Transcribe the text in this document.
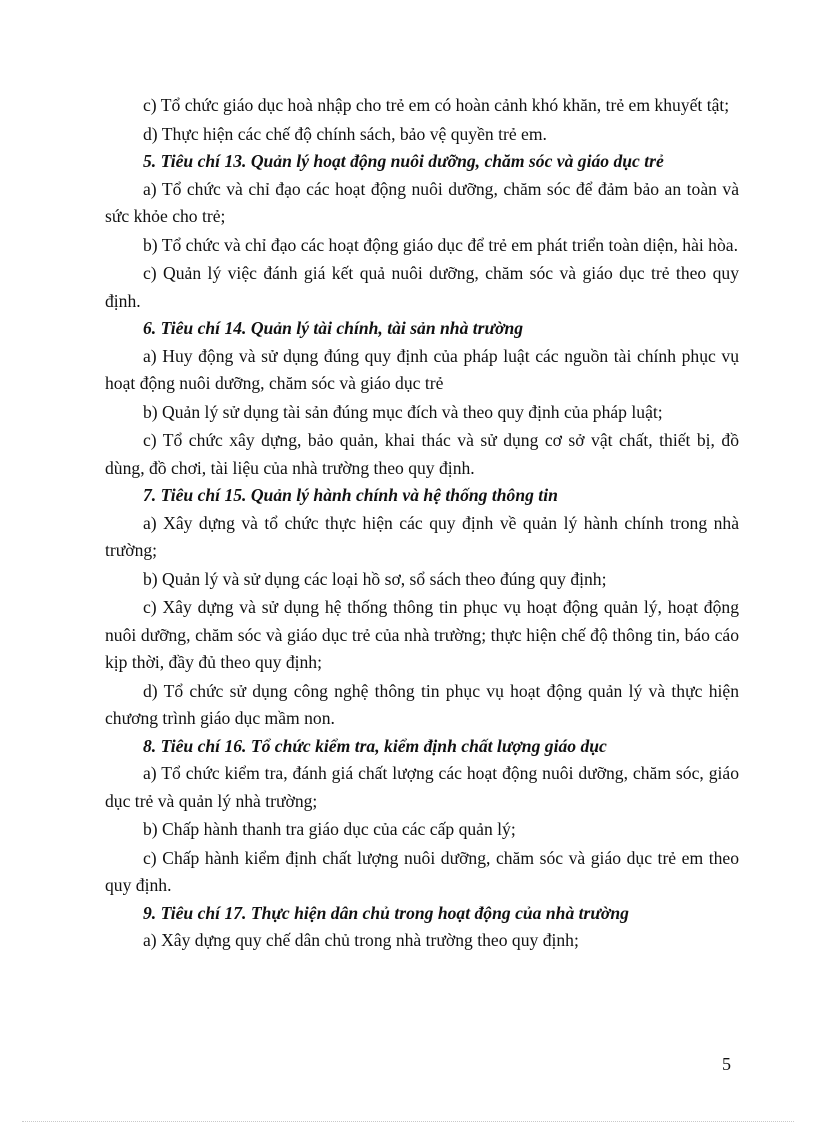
c) Tổ chức giáo dục hoà nhập cho trẻ em có hoàn cảnh khó khăn, trẻ em khuyết tật;

d) Thực hiện các chế độ chính sách, bảo vệ quyền trẻ em.

5. Tiêu chí 13. Quản lý hoạt động nuôi dưỡng, chăm sóc và giáo dục trẻ

a) Tổ chức và chỉ đạo các hoạt động nuôi dưỡng, chăm sóc để đảm bảo an toàn và sức khỏe cho trẻ;

b) Tổ chức và chỉ đạo các hoạt động giáo dục để trẻ em phát triển toàn diện, hài hòa.

c) Quản lý việc đánh giá kết quả nuôi dưỡng, chăm sóc và giáo dục trẻ theo quy định.

6. Tiêu chí 14. Quản lý tài chính, tài sản nhà trường

a) Huy động và sử dụng đúng quy định của pháp luật các nguồn tài chính phục vụ hoạt động nuôi dưỡng, chăm sóc và giáo dục trẻ

b) Quản lý sử dụng tài sản đúng mục đích và theo quy định của pháp luật;

c) Tổ chức xây dựng, bảo quản, khai thác và sử dụng cơ sở vật chất, thiết bị, đồ dùng, đồ chơi, tài liệu của nhà trường theo quy định.

7. Tiêu chí 15. Quản lý hành chính và hệ thống thông tin

a) Xây dựng và tổ chức thực hiện các quy định về quản lý hành chính trong nhà trường;

b) Quản lý và sử dụng các loại hồ sơ, sổ sách theo đúng quy định;

c) Xây dựng và sử dụng hệ thống thông tin phục vụ hoạt động quản lý, hoạt động nuôi dưỡng, chăm sóc và giáo dục trẻ của nhà trường; thực hiện chế độ thông tin, báo cáo kịp thời, đầy đủ theo quy định;

d) Tổ chức sử dụng công nghệ thông tin phục vụ hoạt động quản lý và thực hiện chương trình giáo dục mầm non.

8. Tiêu chí 16. Tổ chức kiểm tra, kiểm định chất lượng giáo dục

a) Tổ chức kiểm tra, đánh giá chất lượng các hoạt động nuôi dưỡng, chăm sóc, giáo dục trẻ và quản lý nhà trường;

b) Chấp hành thanh tra giáo dục của các cấp quản lý;

c) Chấp hành kiểm định chất lượng nuôi dưỡng, chăm sóc và giáo dục trẻ em theo quy định.

9. Tiêu chí 17. Thực hiện dân chủ trong hoạt động của nhà trường

a) Xây dựng quy chế dân chủ trong nhà trường theo quy định;

5
